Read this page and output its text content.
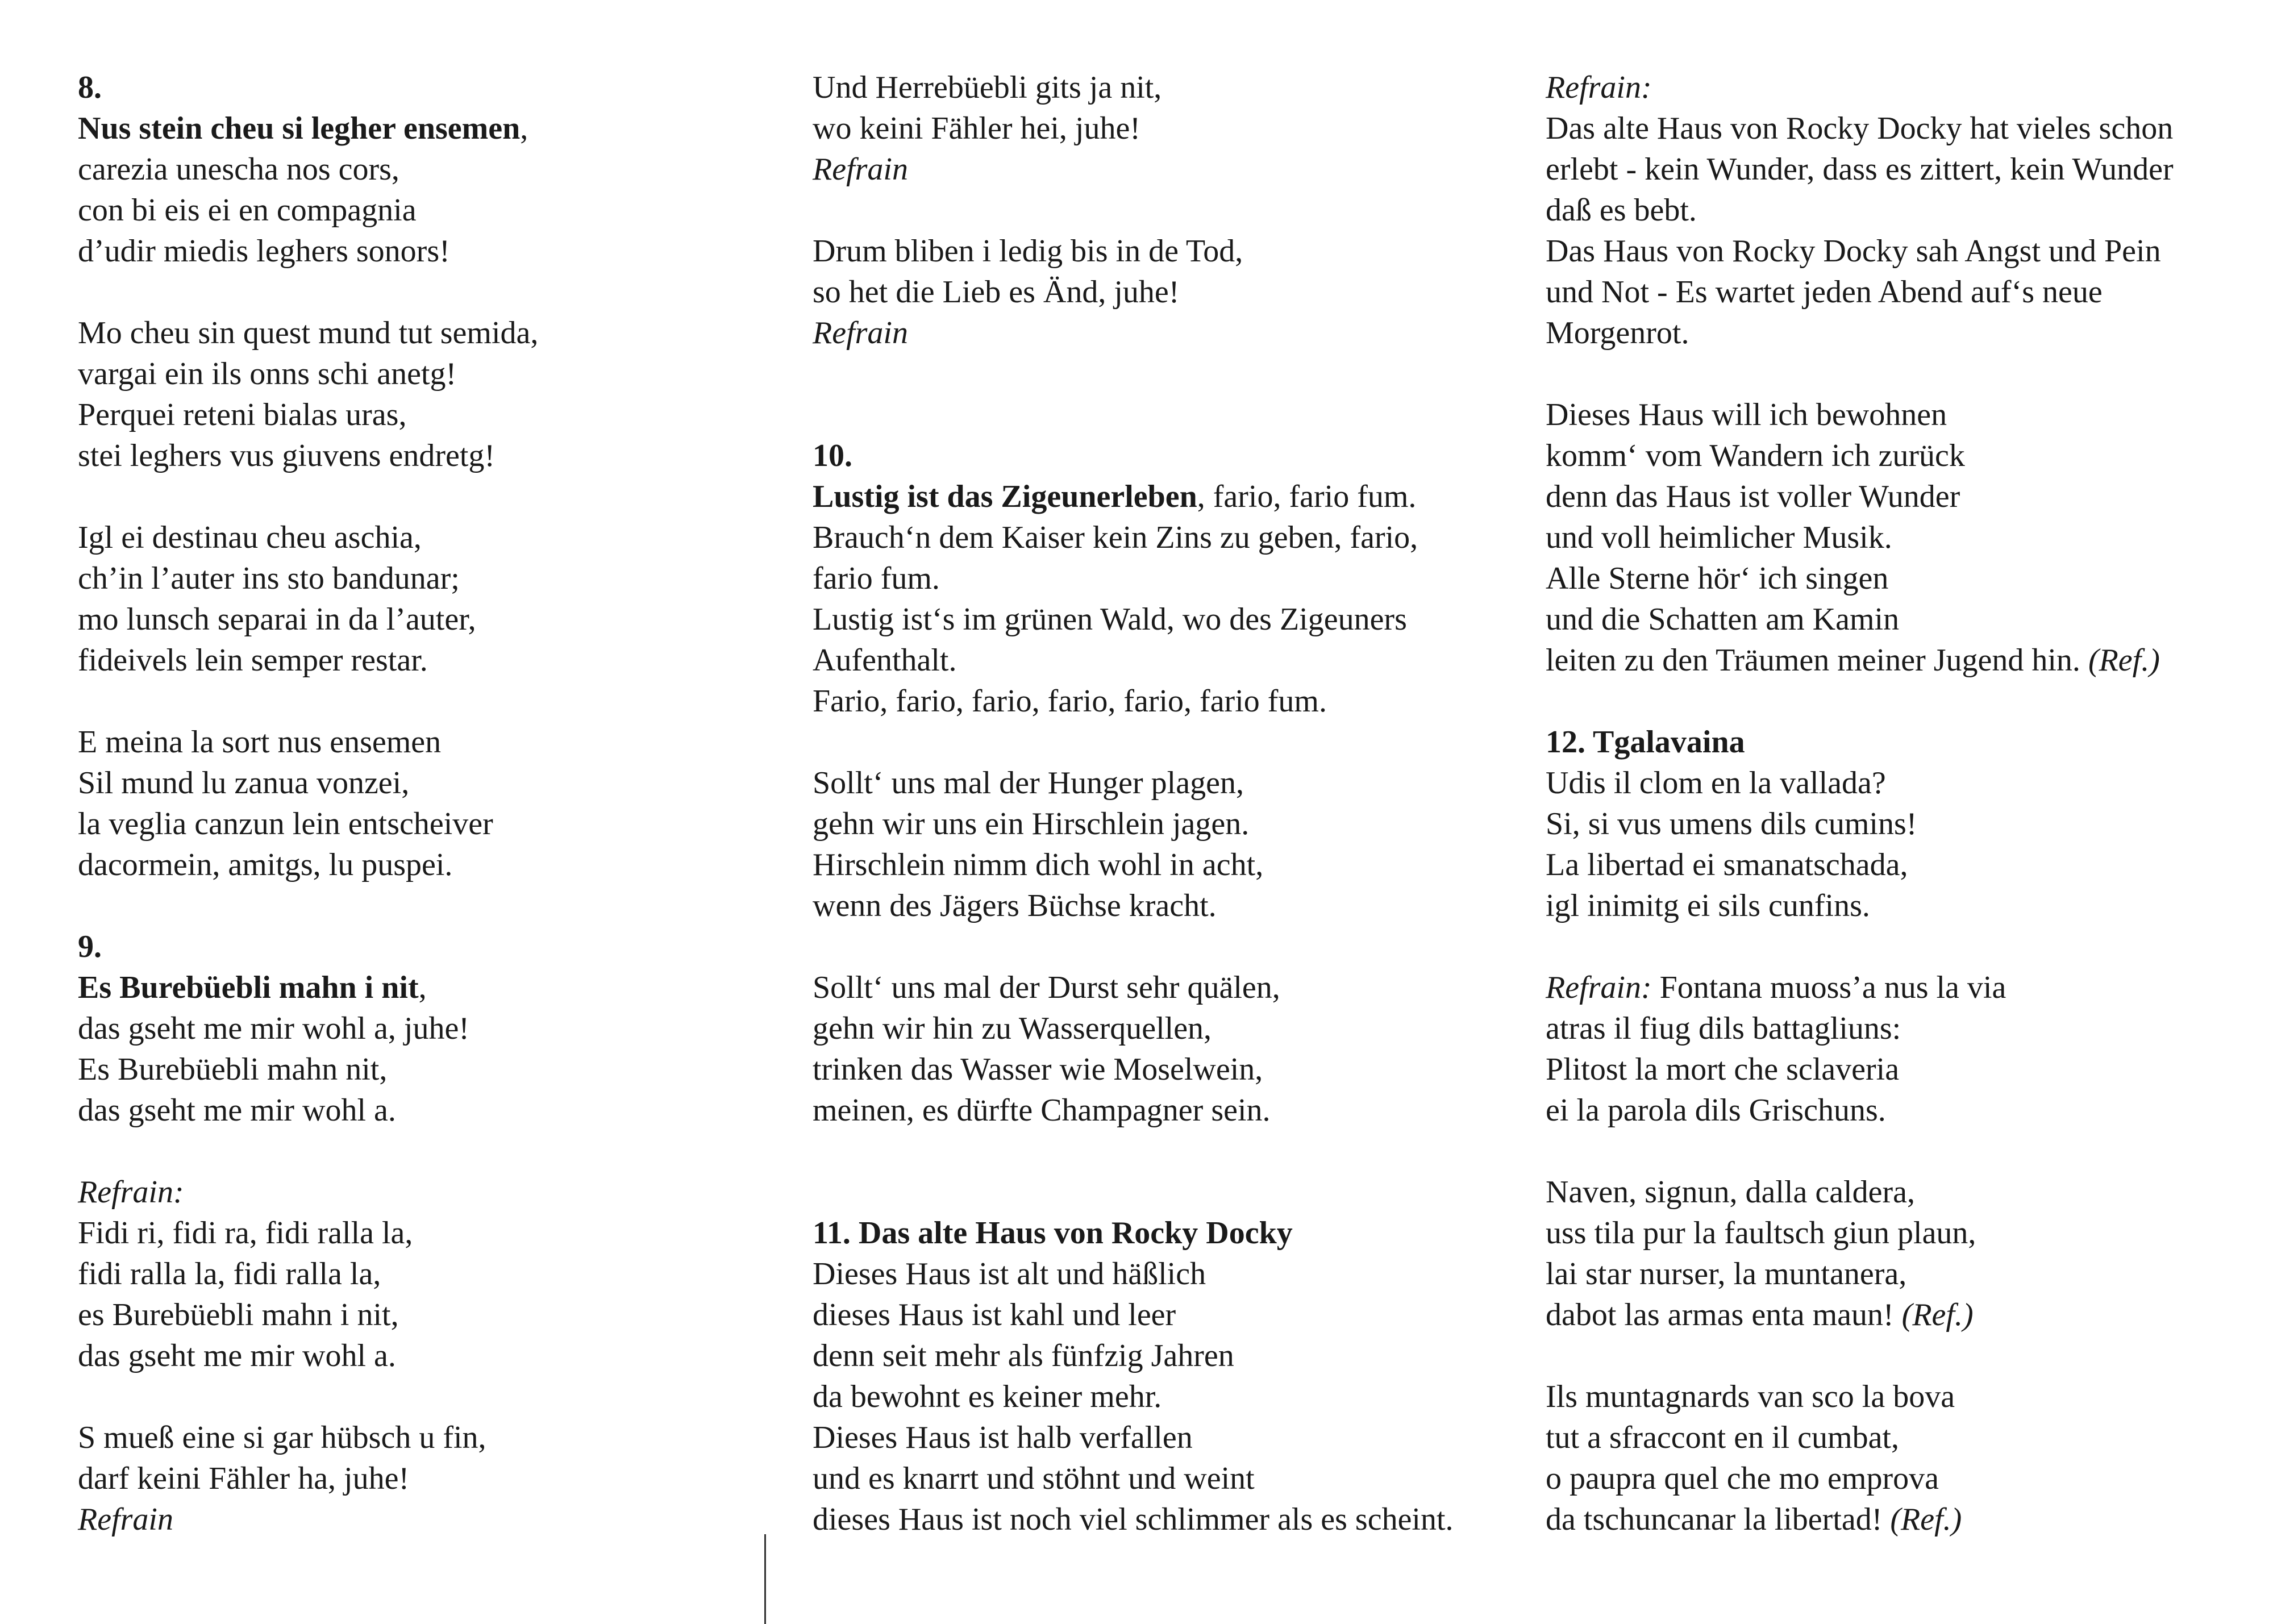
8.
Nus stein cheu si legher ensemen,
carezia unescha nos cors,
con bi eis ei en compagnia
d’udir miedis leghers sonors!
Mo cheu sin quest mund tut semida,
vargai ein ils onns schi anetg!
Perquei reteni bialas uras,
stei leghers vus giuvens endretg!
Igl ei destinau cheu aschia,
ch’in l’auter ins sto bandunar;
mo lunsch separai in da l’auter,
fideivels lein semper restar.
E meina la sort nus ensemen
Sil mund lu zanua vonzei,
la veglia canzun lein entscheiver
dacormein, amitgs, lu puspei.
9.
Es Burebüebli mahn i nit,
das gseht me mir wohl a, juhe!
Es Burebüebli mahn nit,
das gseht me mir wohl a.
Refrain:
Fidi ri, fidi ra, fidi ralla la,
fidi ralla la, fidi ralla la,
es Burebüebli mahn i nit,
das gseht me mir wohl a.
S mueß eine si gar hübsch u fin,
darf keini Fähler ha, juhe!
Refrain
Und Herrebüebli gits ja nit,
wo keini Fähler hei, juhe!
Refrain
Drum bliben i ledig bis in de Tod,
so het die Lieb es Änd, juhe!
Refrain
10.
Lustig ist das Zigeunerleben, fario, fario fum.
Brauch‘n dem Kaiser kein Zins zu geben, fario,
fario fum.
Lustig ist‘s im grünen Wald, wo des Zigeuners
Aufenthalt.
Fario, fario, fario, fario, fario, fario fum.
Sollt‘ uns mal der Hunger plagen,
gehn wir uns ein Hirschlein jagen.
Hirschlein nimm dich wohl in acht,
wenn des Jägers Büchse kracht.
Sollt‘ uns mal der Durst sehr quälen,
gehn wir hin zu Wasserquellen,
trinken das Wasser wie Moselwein,
meinen, es dürfte Champagner sein.
11. Das alte Haus von Rocky Docky
Dieses Haus ist alt und häßlich
dieses Haus ist kahl und leer
denn seit mehr als fünfzig Jahren
da bewohnt es keiner mehr.
Dieses Haus ist halb verfallen
und es knarrt und stöhnt und weint
dieses Haus ist noch viel schlimmer als es scheint.
Refrain:
Das alte Haus von Rocky Docky hat vieles schon
erlebt - kein Wunder, dass es zittert, kein Wunder
daß es bebt.
Das Haus von Rocky Docky sah Angst und Pein
und Not - Es wartet jeden Abend auf‘s neue
Morgenrot.
Dieses Haus will ich bewohnen
komm‘ vom Wandern ich zurück
denn das Haus ist voller Wunder
und voll heimlicher Musik.
Alle Sterne hör‘ ich singen
und die Schatten am Kamin
leiten zu den Träumen meiner Jugend hin. (Ref.)
12. Tgalavaina
Udis il clom en la vallada?
Si, si vus umens dils cumins!
La libertad ei smanatschada,
igl inimitg ei sils cunfins.
Refrain: Fontana muoss’a nus la via
atras il fiug dils battagliuns:
Plitost la mort che sclaveria
ei la parola dils Grischuns.
Naven, signun, dalla caldera,
uss tila pur la faultsch giun plaun,
lai star nurser, la muntanera,
dabot las armas enta maun! (Ref.)
Ils muntagnards van sco la bova
tut a sfraccont en il cumbat,
o paupra quel che mo emprova
da tschuncanar la libertad! (Ref.)
